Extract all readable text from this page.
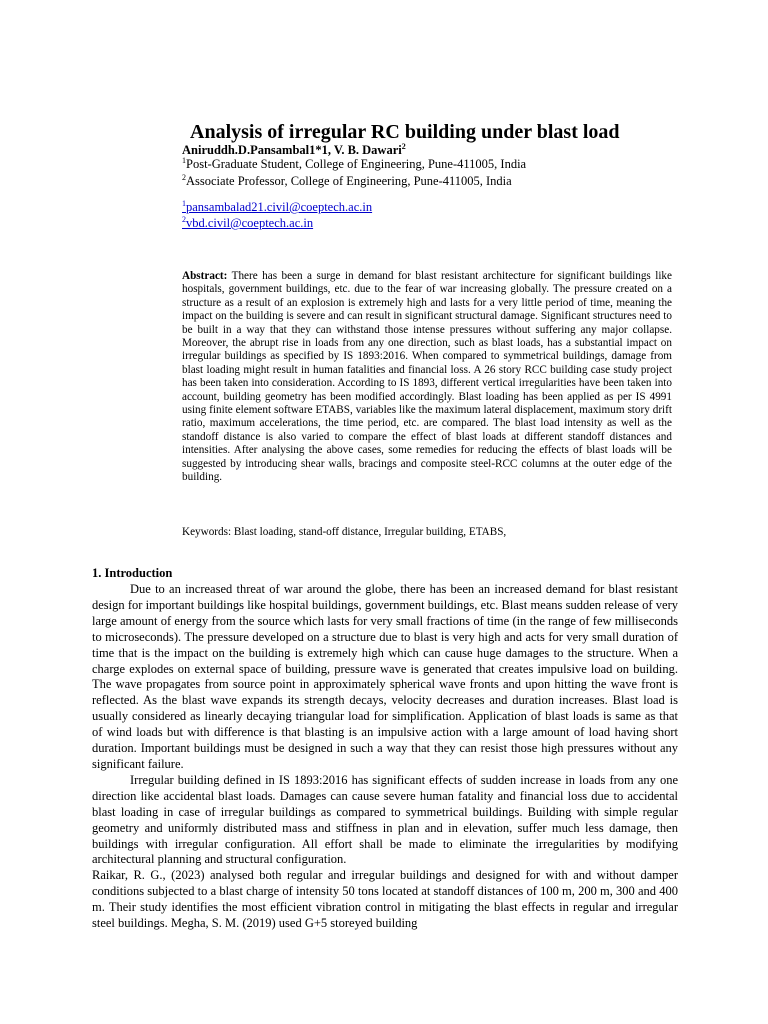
Analysis of irregular RC building under blast load
Aniruddh.D.Pansambal1*1, V. B. Dawari$^2$
$^1$Post-Graduate Student, College of Engineering, Pune-411005, India
$^2$Associate Professor, College of Engineering, Pune-411005, India
$^1$pansambalad21.civil@coeptech.ac.in
$^2$vbd.civil@coeptech.ac.in
Abstract: There has been a surge in demand for blast resistant architecture for significant buildings like hospitals, government buildings, etc. due to the fear of war increasing globally. The pressure created on a structure as a result of an explosion is extremely high and lasts for a very little period of time, meaning the impact on the building is severe and can result in significant structural damage. Significant structures need to be built in a way that they can withstand those intense pressures without suffering any major collapse. Moreover, the abrupt rise in loads from any one direction, such as blast loads, has a substantial impact on irregular buildings as specified by IS 1893:2016. When compared to symmetrical buildings, damage from blast loading might result in human fatalities and financial loss. A 26 story RCC building case study project has been taken into consideration. According to IS 1893, different vertical irregularities have been taken into account, building geometry has been modified accordingly. Blast loading has been applied as per IS 4991 using finite element software ETABS, variables like the maximum lateral displacement, maximum story drift ratio, maximum accelerations, the time period, etc. are compared. The blast load intensity as well as the standoff distance is also varied to compare the effect of blast loads at different standoff distances and intensities. After analysing the above cases, some remedies for reducing the effects of blast loads will be suggested by introducing shear walls, bracings and composite steel-RCC columns at the outer edge of the building.
Keywords: Blast loading, stand-off distance, Irregular building, ETABS,
1. Introduction

Due to an increased threat of war around the globe, there has been an increased demand for blast resistant design for important buildings like hospital buildings, government buildings, etc. Blast means sudden release of very large amount of energy from the source which lasts for very small fractions of time (in the range of few milliseconds to microseconds). The pressure developed on a structure due to blast is very high and acts for very small duration of time that is the impact on the building is extremely high which can cause huge damages to the structure. When a charge explodes on external space of building, pressure wave is generated that creates impulsive load on building. The wave propagates from source point in approximately spherical wave fronts and upon hitting the wave front is reflected. As the blast wave expands its strength decays, velocity decreases and duration increases. Blast load is usually considered as linearly decaying triangular load for simplification. Application of blast loads is same as that of wind loads but with difference is that blasting is an impulsive action with a large amount of load having short duration. Important buildings must be designed in such a way that they can resist those high pressures without any significant failure.

Irregular building defined in IS 1893:2016 has significant effects of sudden increase in loads from any one direction like accidental blast loads. Damages can cause severe human fatality and financial loss due to accidental blast loading in case of irregular buildings as compared to symmetrical buildings. Building with simple regular geometry and uniformly distributed mass and stiffness in plan and in elevation, suffer much less damage, then buildings with irregular configuration. All effort shall be made to eliminate the irregularities by modifying architectural planning and structural configuration.

Raikar, R. G., (2023) analysed both regular and irregular buildings and designed for with and without damper conditions subjected to a blast charge of intensity 50 tons located at standoff distances of 100 m, 200 m, 300 and 400 m. Their study identifies the most efficient vibration control in mitigating the blast effects in regular and irregular steel buildings. Megha, S. M. (2019) used G+5 storeyed building
